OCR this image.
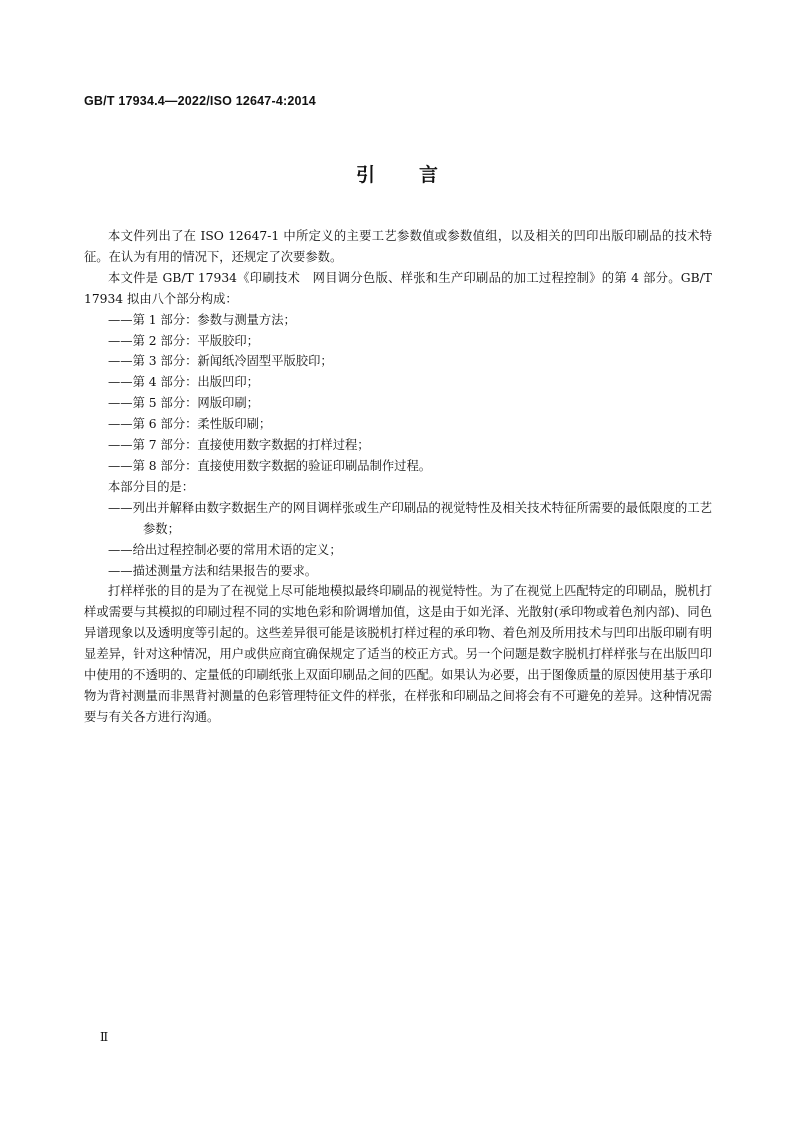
GB/T 17934.4—2022/ISO 12647-4:2014
引言

本文件列出了在 ISO 12647-1 中所定义的主要工艺参数值或参数值组，以及相关的凹印出版印刷品的技术特征。在认为有用的情况下，还规定了次要参数。

本文件是 GB/T 17934《印刷技术　网目调分色版、样张和生产印刷品的加工过程控制》的第 4 部分。GB/T 17934 拟由八个部分构成：

——第 1 部分：参数与测量方法；

——第 2 部分：平版胶印；

——第 3 部分：新闻纸冷固型平版胶印；

——第 4 部分：出版凹印；

——第 5 部分：网版印刷；

——第 6 部分：柔性版印刷；

——第 7 部分：直接使用数字数据的打样过程；

——第 8 部分：直接使用数字数据的验证印刷品制作过程。

本部分目的是：

——列出并解释由数字数据生产的网目调样张或生产印刷品的视觉特性及相关技术特征所需要的最低限度的工艺参数；

——给出过程控制必要的常用术语的定义；

——描述测量方法和结果报告的要求。

打样样张的目的是为了在视觉上尽可能地模拟最终印刷品的视觉特性。为了在视觉上匹配特定的印刷品，脱机打样或需要与其模拟的印刷过程不同的实地色彩和阶调增加值，这是由于如光泽、光散射(承印物或着色剂内部)、同色异谱现象以及透明度等引起的。这些差异很可能是该脱机打样过程的承印物、着色剂及所用技术与凹印出版印刷有明显差异，针对这种情况，用户或供应商宜确保规定了适当的校正方式。另一个问题是数字脱机打样样张与在出版凹印中使用的不透明的、定量低的印刷纸张上双面印刷品之间的匹配。如果认为必要，出于图像质量的原因使用基于承印物为背衬测量而非黑背衬测量的色彩管理特征文件的样张，在样张和印刷品之间将会有不可避免的差异。这种情况需要与有关各方进行沟通。

Ⅱ
